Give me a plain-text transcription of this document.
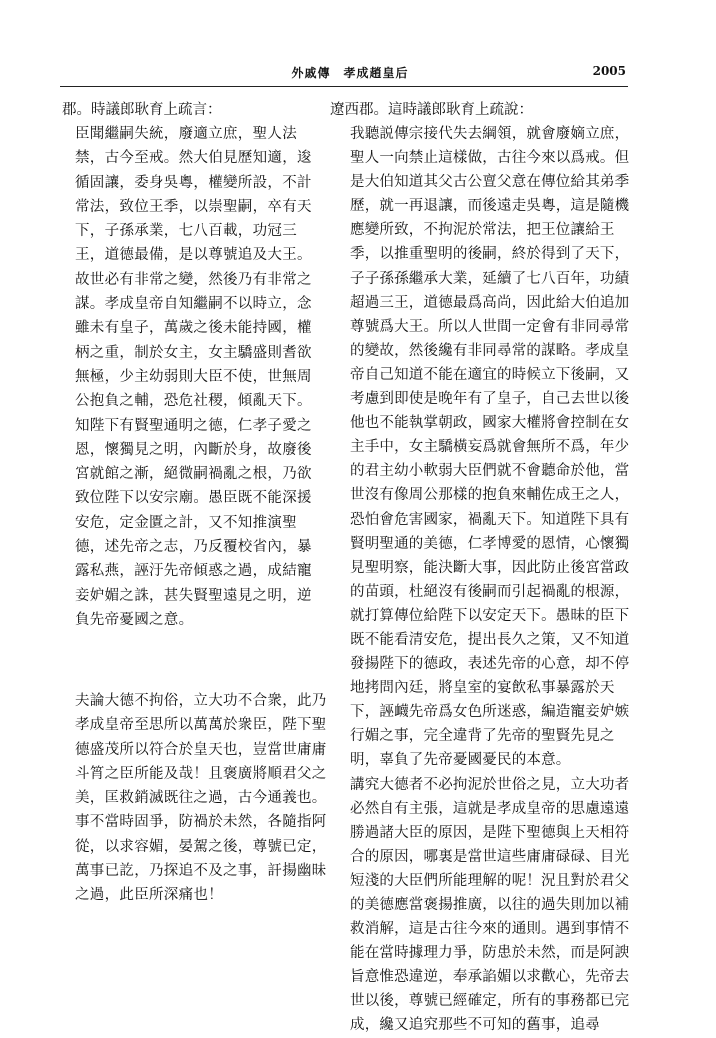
外戚傳　孝成趙皇后	2005

郡。時議郎耿育上疏言：

臣聞繼嗣失統，廢適立庶，聖人法禁，古今至戒。然大伯見歷知適，逡循固讓，委身吳粵，權變所設，不計常法，致位王季，以崇聖嗣，卒有天下，子孫承業，七八百載，功冠三王，道德最備，是以尊號追及大王。故世必有非常之變，然後乃有非常之謀。孝成皇帝自知繼嗣不以時立，念雖未有皇子，萬歲之後未能持國，權柄之重，制於女主，女主驕盛則耆欲無極，少主幼弱則大臣不使，世無周公抱負之輔，恐危社稷，傾亂天下。知陛下有賢聖通明之德，仁孝子愛之恩，懷獨見之明，內斷於身，故廢後宮就館之漸，絕微嗣禍亂之根，乃欲致位陛下以安宗廟。愚臣既不能深援安危，定金匱之計，又不知推演聖德，述先帝之志，乃反覆校省內，暴露私燕，誣汙先帝傾惑之過，成結寵妾妒媚之誅，甚失賢聖遠見之明，逆負先帝憂國之意。

夫論大德不拘俗，立大功不合衆，此乃孝成皇帝至思所以萬萬於衆臣，陛下聖德盛茂所以符合於皇天也，豈當世庸庸斗筲之臣所能及哉！且褒廣將順君父之美，匡救銷滅既往之過，古今通義也。事不當時固爭，防禍於未然，各隨指阿從，以求容媚，晏駕之後，尊號已定，萬事已訖，乃探追不及之事，訐揚幽昧之過，此臣所深痛也！

遼西郡。這時議郎耿育上疏說：

我聽説傳宗接代失去綱領，就會廢嫡立庶，聖人一向禁止這樣做，古往今來以爲戒。但是大伯知道其父古公亶父意在傳位給其弟季歷，就一再退讓，而後遠走吳粵，這是隨機應變所致，不拘泥於常法，把王位讓給王季，以推重聖明的後嗣，終於得到了天下，子子孫孫繼承大業，延續了七八百年，功績超過三王，道德最爲高尚，因此給大伯追加尊號爲大王。所以人世間一定會有非同尋常的變故，然後纔有非同尋常的謀略。孝成皇帝自己知道不能在適宜的時候立下後嗣，又考慮到即使是晚年有了皇子，自己去世以後他也不能執掌朝政，國家大權將會控制在女主手中，女主驕橫妄爲就會無所不爲，年少的君主幼小軟弱大臣們就不會聽命於他，當世沒有像周公那樣的抱負來輔佐成王之人，恐怕會危害國家，禍亂天下。知道陛下具有賢明聖通的美德，仁孝博愛的恩情，心懷獨見聖明察，能決斷大事，因此防止後宮當政的苗頭，杜絕沒有後嗣而引起禍亂的根源，就打算傳位給陛下以安定天下。愚昧的臣下既不能看清安危，提出長久之策，又不知道發揚陛下的德政，表述先帝的心意，却不停地拷問內廷，將皇室的宴飲私事暴露於天下，誣衊先帝爲女色所迷惑，編造寵妾妒嫉行媚之事，完全違背了先帝的聖賢先見之明，辜負了先帝憂國憂民的本意。

講究大德者不必拘泥於世俗之見，立大功者必然自有主張，這就是孝成皇帝的思慮遠遠勝過諸大臣的原因，是陛下聖德與上天相符合的原因，哪裏是當世這些庸庸碌碌、目光短淺的大臣們所能理解的呢！況且對於君父的美德應當褒揚推廣，以往的過失則加以補救消解，這是古往今來的通則。遇到事情不能在當時據理力爭，防患於未然，而是阿諛旨意惟恐違逆，奉承諂媚以求歡心，先帝去世以後，尊號已經確定，所有的事務都已完成，纔又追究那些不可知的舊事，追尋
